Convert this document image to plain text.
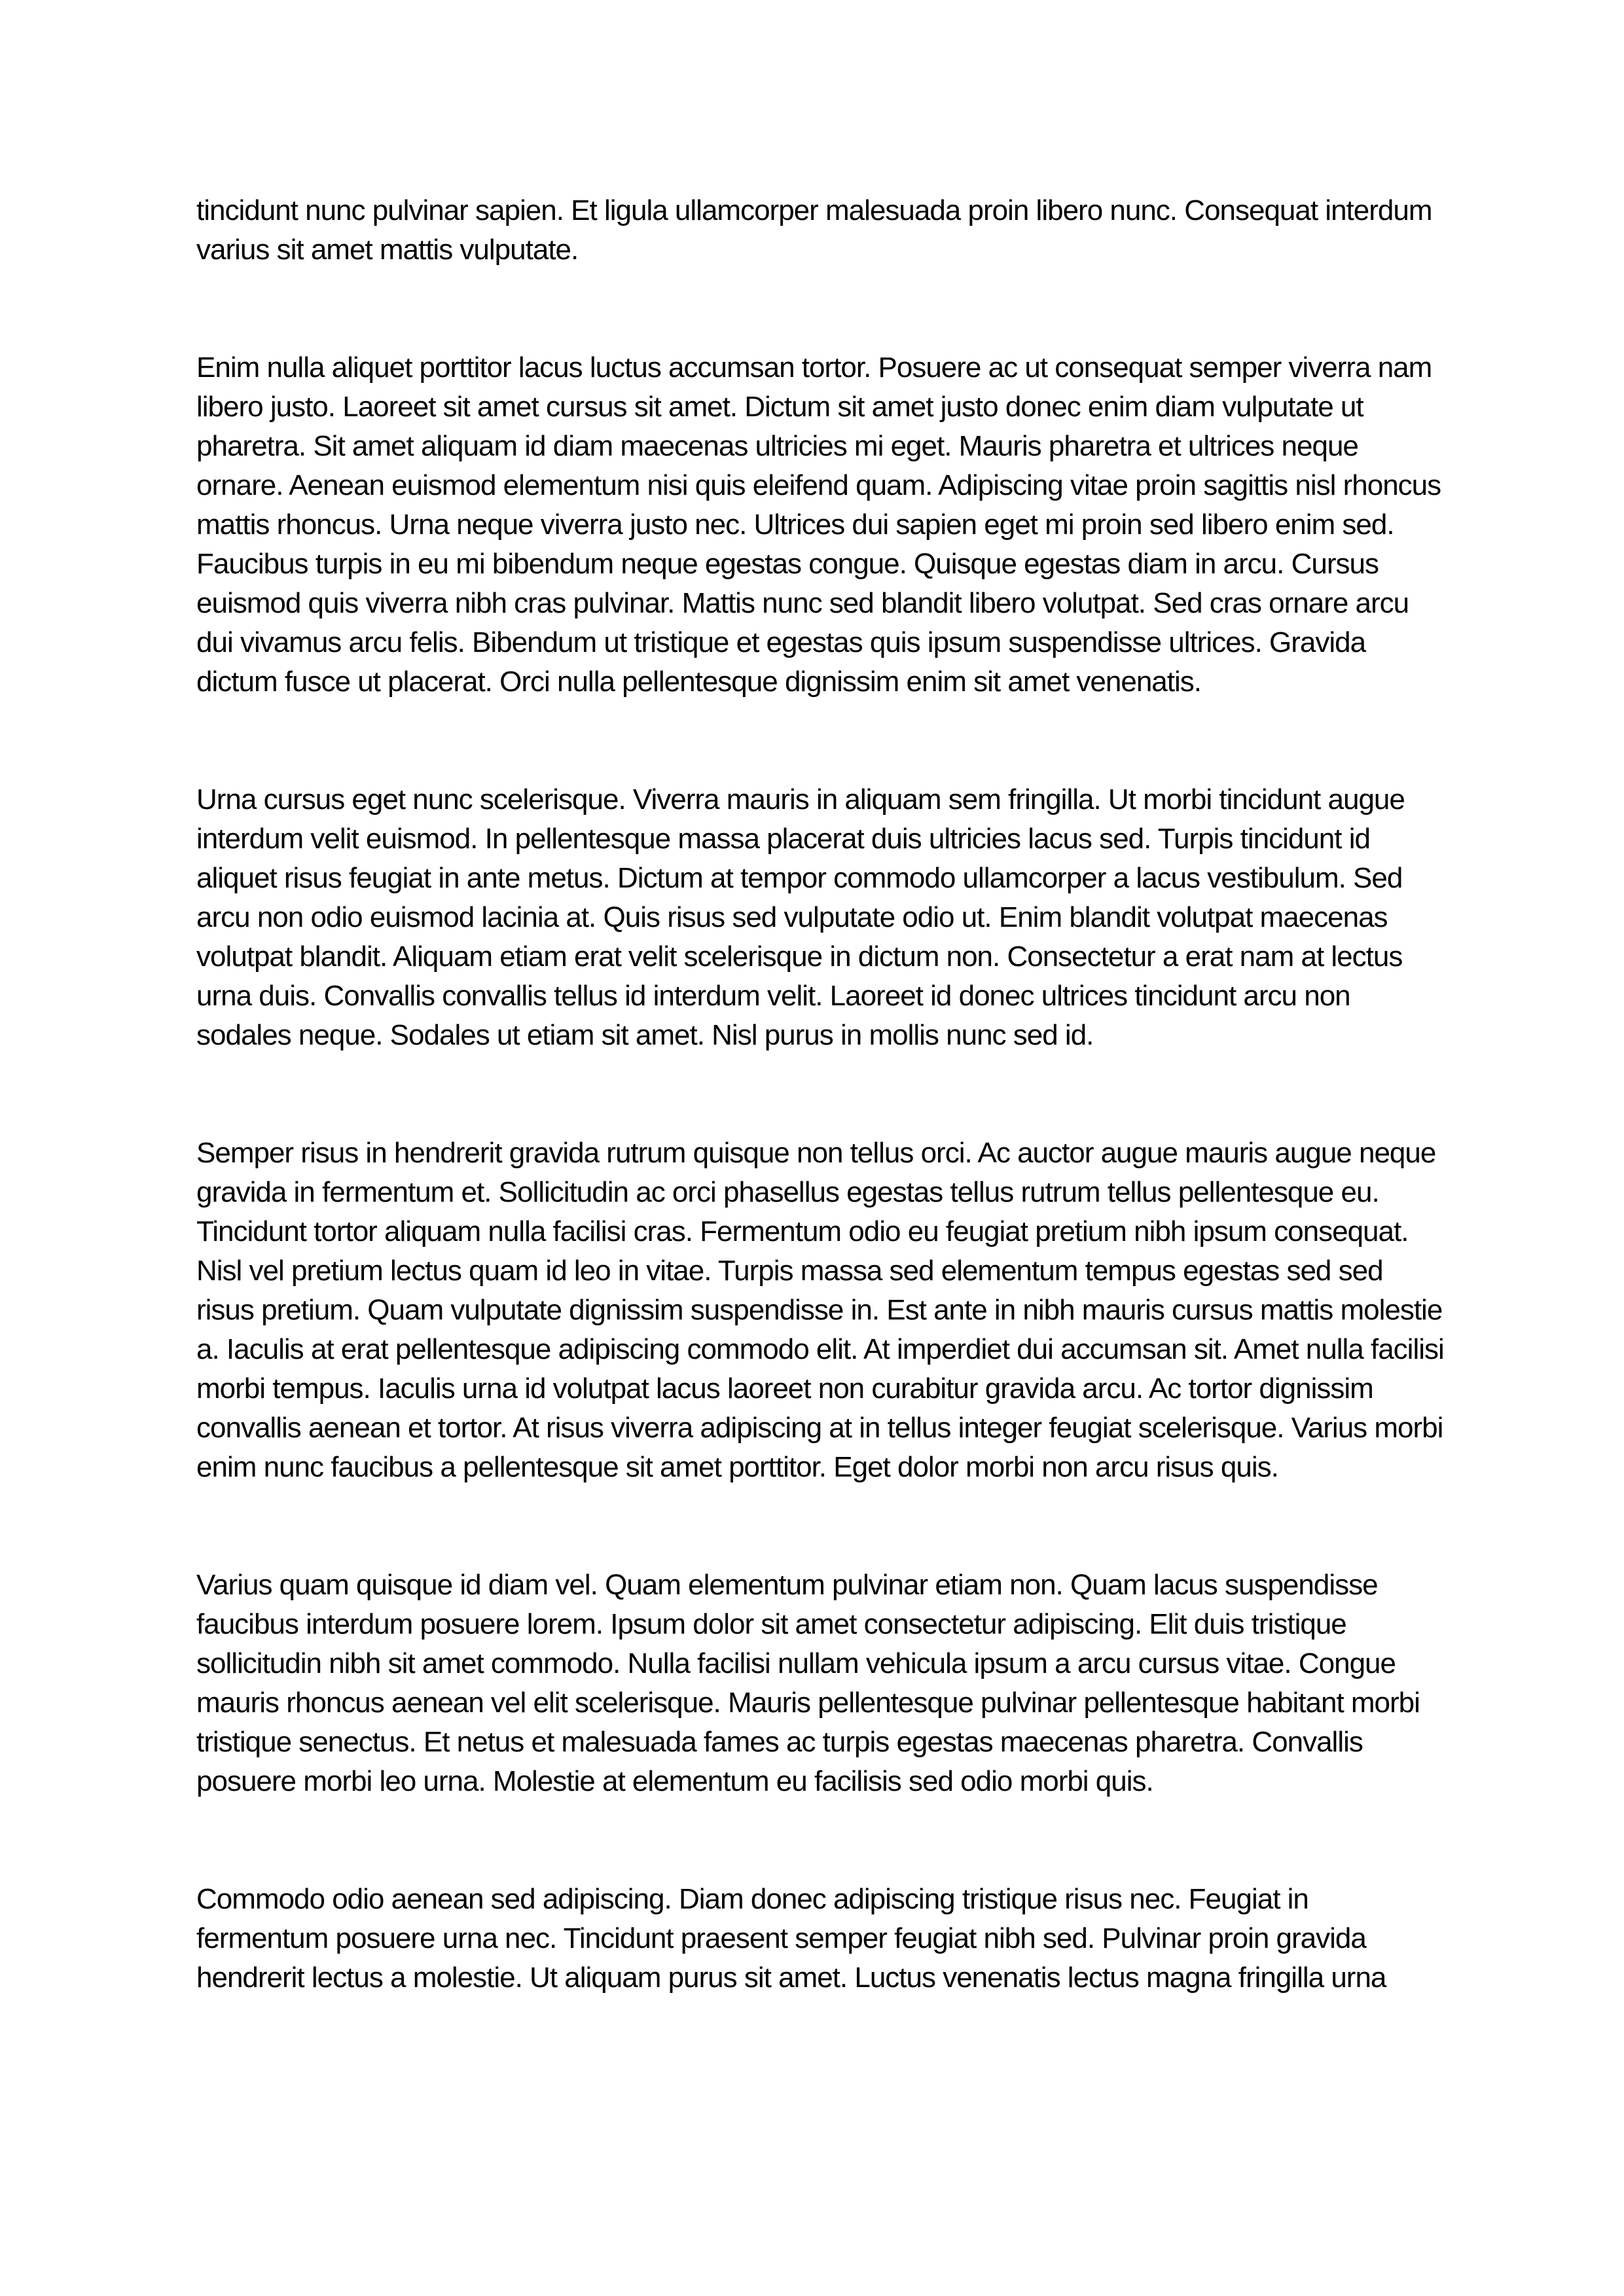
tincidunt nunc pulvinar sapien. Et ligula ullamcorper malesuada proin libero nunc. Consequat interdum varius sit amet mattis vulputate.

Enim nulla aliquet porttitor lacus luctus accumsan tortor. Posuere ac ut consequat semper viverra nam libero justo. Laoreet sit amet cursus sit amet. Dictum sit amet justo donec enim diam vulputate ut pharetra. Sit amet aliquam id diam maecenas ultricies mi eget. Mauris pharetra et ultrices neque ornare. Aenean euismod elementum nisi quis eleifend quam. Adipiscing vitae proin sagittis nisl rhoncus mattis rhoncus. Urna neque viverra justo nec. Ultrices dui sapien eget mi proin sed libero enim sed. Faucibus turpis in eu mi bibendum neque egestas congue. Quisque egestas diam in arcu. Cursus euismod quis viverra nibh cras pulvinar. Mattis nunc sed blandit libero volutpat. Sed cras ornare arcu dui vivamus arcu felis. Bibendum ut tristique et egestas quis ipsum suspendisse ultrices. Gravida dictum fusce ut placerat. Orci nulla pellentesque dignissim enim sit amet venenatis.

Urna cursus eget nunc scelerisque. Viverra mauris in aliquam sem fringilla. Ut morbi tincidunt augue interdum velit euismod. In pellentesque massa placerat duis ultricies lacus sed. Turpis tincidunt id aliquet risus feugiat in ante metus. Dictum at tempor commodo ullamcorper a lacus vestibulum. Sed arcu non odio euismod lacinia at. Quis risus sed vulputate odio ut. Enim blandit volutpat maecenas volutpat blandit. Aliquam etiam erat velit scelerisque in dictum non. Consectetur a erat nam at lectus urna duis. Convallis convallis tellus id interdum velit. Laoreet id donec ultrices tincidunt arcu non sodales neque. Sodales ut etiam sit amet. Nisl purus in mollis nunc sed id.

Semper risus in hendrerit gravida rutrum quisque non tellus orci. Ac auctor augue mauris augue neque gravida in fermentum et. Sollicitudin ac orci phasellus egestas tellus rutrum tellus pellentesque eu. Tincidunt tortor aliquam nulla facilisi cras. Fermentum odio eu feugiat pretium nibh ipsum consequat. Nisl vel pretium lectus quam id leo in vitae. Turpis massa sed elementum tempus egestas sed sed risus pretium. Quam vulputate dignissim suspendisse in. Est ante in nibh mauris cursus mattis molestie a. Iaculis at erat pellentesque adipiscing commodo elit. At imperdiet dui accumsan sit. Amet nulla facilisi morbi tempus. Iaculis urna id volutpat lacus laoreet non curabitur gravida arcu. Ac tortor dignissim convallis aenean et tortor. At risus viverra adipiscing at in tellus integer feugiat scelerisque. Varius morbi enim nunc faucibus a pellentesque sit amet porttitor. Eget dolor morbi non arcu risus quis.

Varius quam quisque id diam vel. Quam elementum pulvinar etiam non. Quam lacus suspendisse faucibus interdum posuere lorem. Ipsum dolor sit amet consectetur adipiscing. Elit duis tristique sollicitudin nibh sit amet commodo. Nulla facilisi nullam vehicula ipsum a arcu cursus vitae. Congue mauris rhoncus aenean vel elit scelerisque. Mauris pellentesque pulvinar pellentesque habitant morbi tristique senectus. Et netus et malesuada fames ac turpis egestas maecenas pharetra. Convallis posuere morbi leo urna. Molestie at elementum eu facilisis sed odio morbi quis.

Commodo odio aenean sed adipiscing. Diam donec adipiscing tristique risus nec. Feugiat in fermentum posuere urna nec. Tincidunt praesent semper feugiat nibh sed. Pulvinar proin gravida hendrerit lectus a molestie. Ut aliquam purus sit amet. Luctus venenatis lectus magna fringilla urna
